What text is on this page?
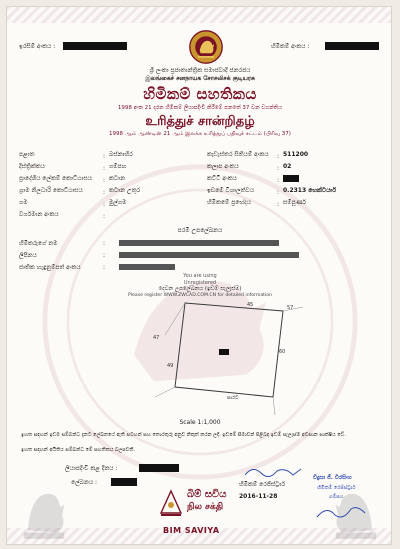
ඉරසිම් අංකය :	හිමිකම් අංකය :
ශ්‍රී ලංකා ප්‍රජාතාන්ත්‍රික සමාජවාදී ජනරජය
இலங்கைச் சனநாயக சோசலிசக் குடியரசு
හිමිකම් සහතිකය
1998 අංක 21 දරන හිමිකම් ලියාපදිංචි කිරීමේ පනතේ 37 වන වගන්තිය
உரித்துச் சான்றிதழ்
1998 ஆம் ஆண்டின் 21 ஆம் இலக்க உரித்துப் பதிவுச் சட்டம் (பிரிவு 37)
පළාත	බස්නාහිර
දිස්ත්‍රික්කය	ගම්පහ
ප්‍රාදේශීය ලේකම් කොට්ඨාසය	කටාන
ග්‍රාම නිලධාරි කොට්ඨාසය	කටාන උතුර
ගම	මුල්ගම
වර්ගමාන අංකය
:
:
:
:
:
:
:
:
:
:
:
කැඩැස්තර සිතියම් අංකය 511200
කලාප අංකය	02
කට්ටි අංකය
ඉඩමේ විශාලත්වය	0.2313 හෙක්ටයාර්
හිමිකමේ ප්‍රභේදය	සම්පූර්ණ
පරමි උපලේඛනය
හිමිකරුගේ නම	:
ලිපිනය	:
ජාතික හැඳුනුම්පත් අංකය	:
You are using
Unregistered
දෙවන උපලේඛනය (ඉඩම් සැලැස්ම)
Please register WWW.ZWCAD.COM.CN for detailed information
45	57
47
49
60
පාරට
Scale 1:1,000
ඉහත සඳහන් ඉඩම සම්බන්ධ දැනට ලේඛනයේ ඇති සටහන් සහ තොරතුරු අනුව නිකුත් කරන ලදී. ඉඩමේ සීමාවන් පිළිබඳ ඉඩම් සැලැස්ම අවසාන සාක්ෂිය වේ.
ඉහත සඳහන් අයිතිය සම්බන්ධ මේ සහතිකය බලපවතී.
ලියාපදිංචි කළ දිනය :
ලේඛනය :
බිම් සවිය
நில சக்தி
BIM SAVIYA
හිමිකම් රෙජිස්ට්‍රාර්
2016-11-28
විදුසා ජී. වීරසිංහ
හිමිකම් රෙජිස්ට්‍රාර්
ගම්පහ
